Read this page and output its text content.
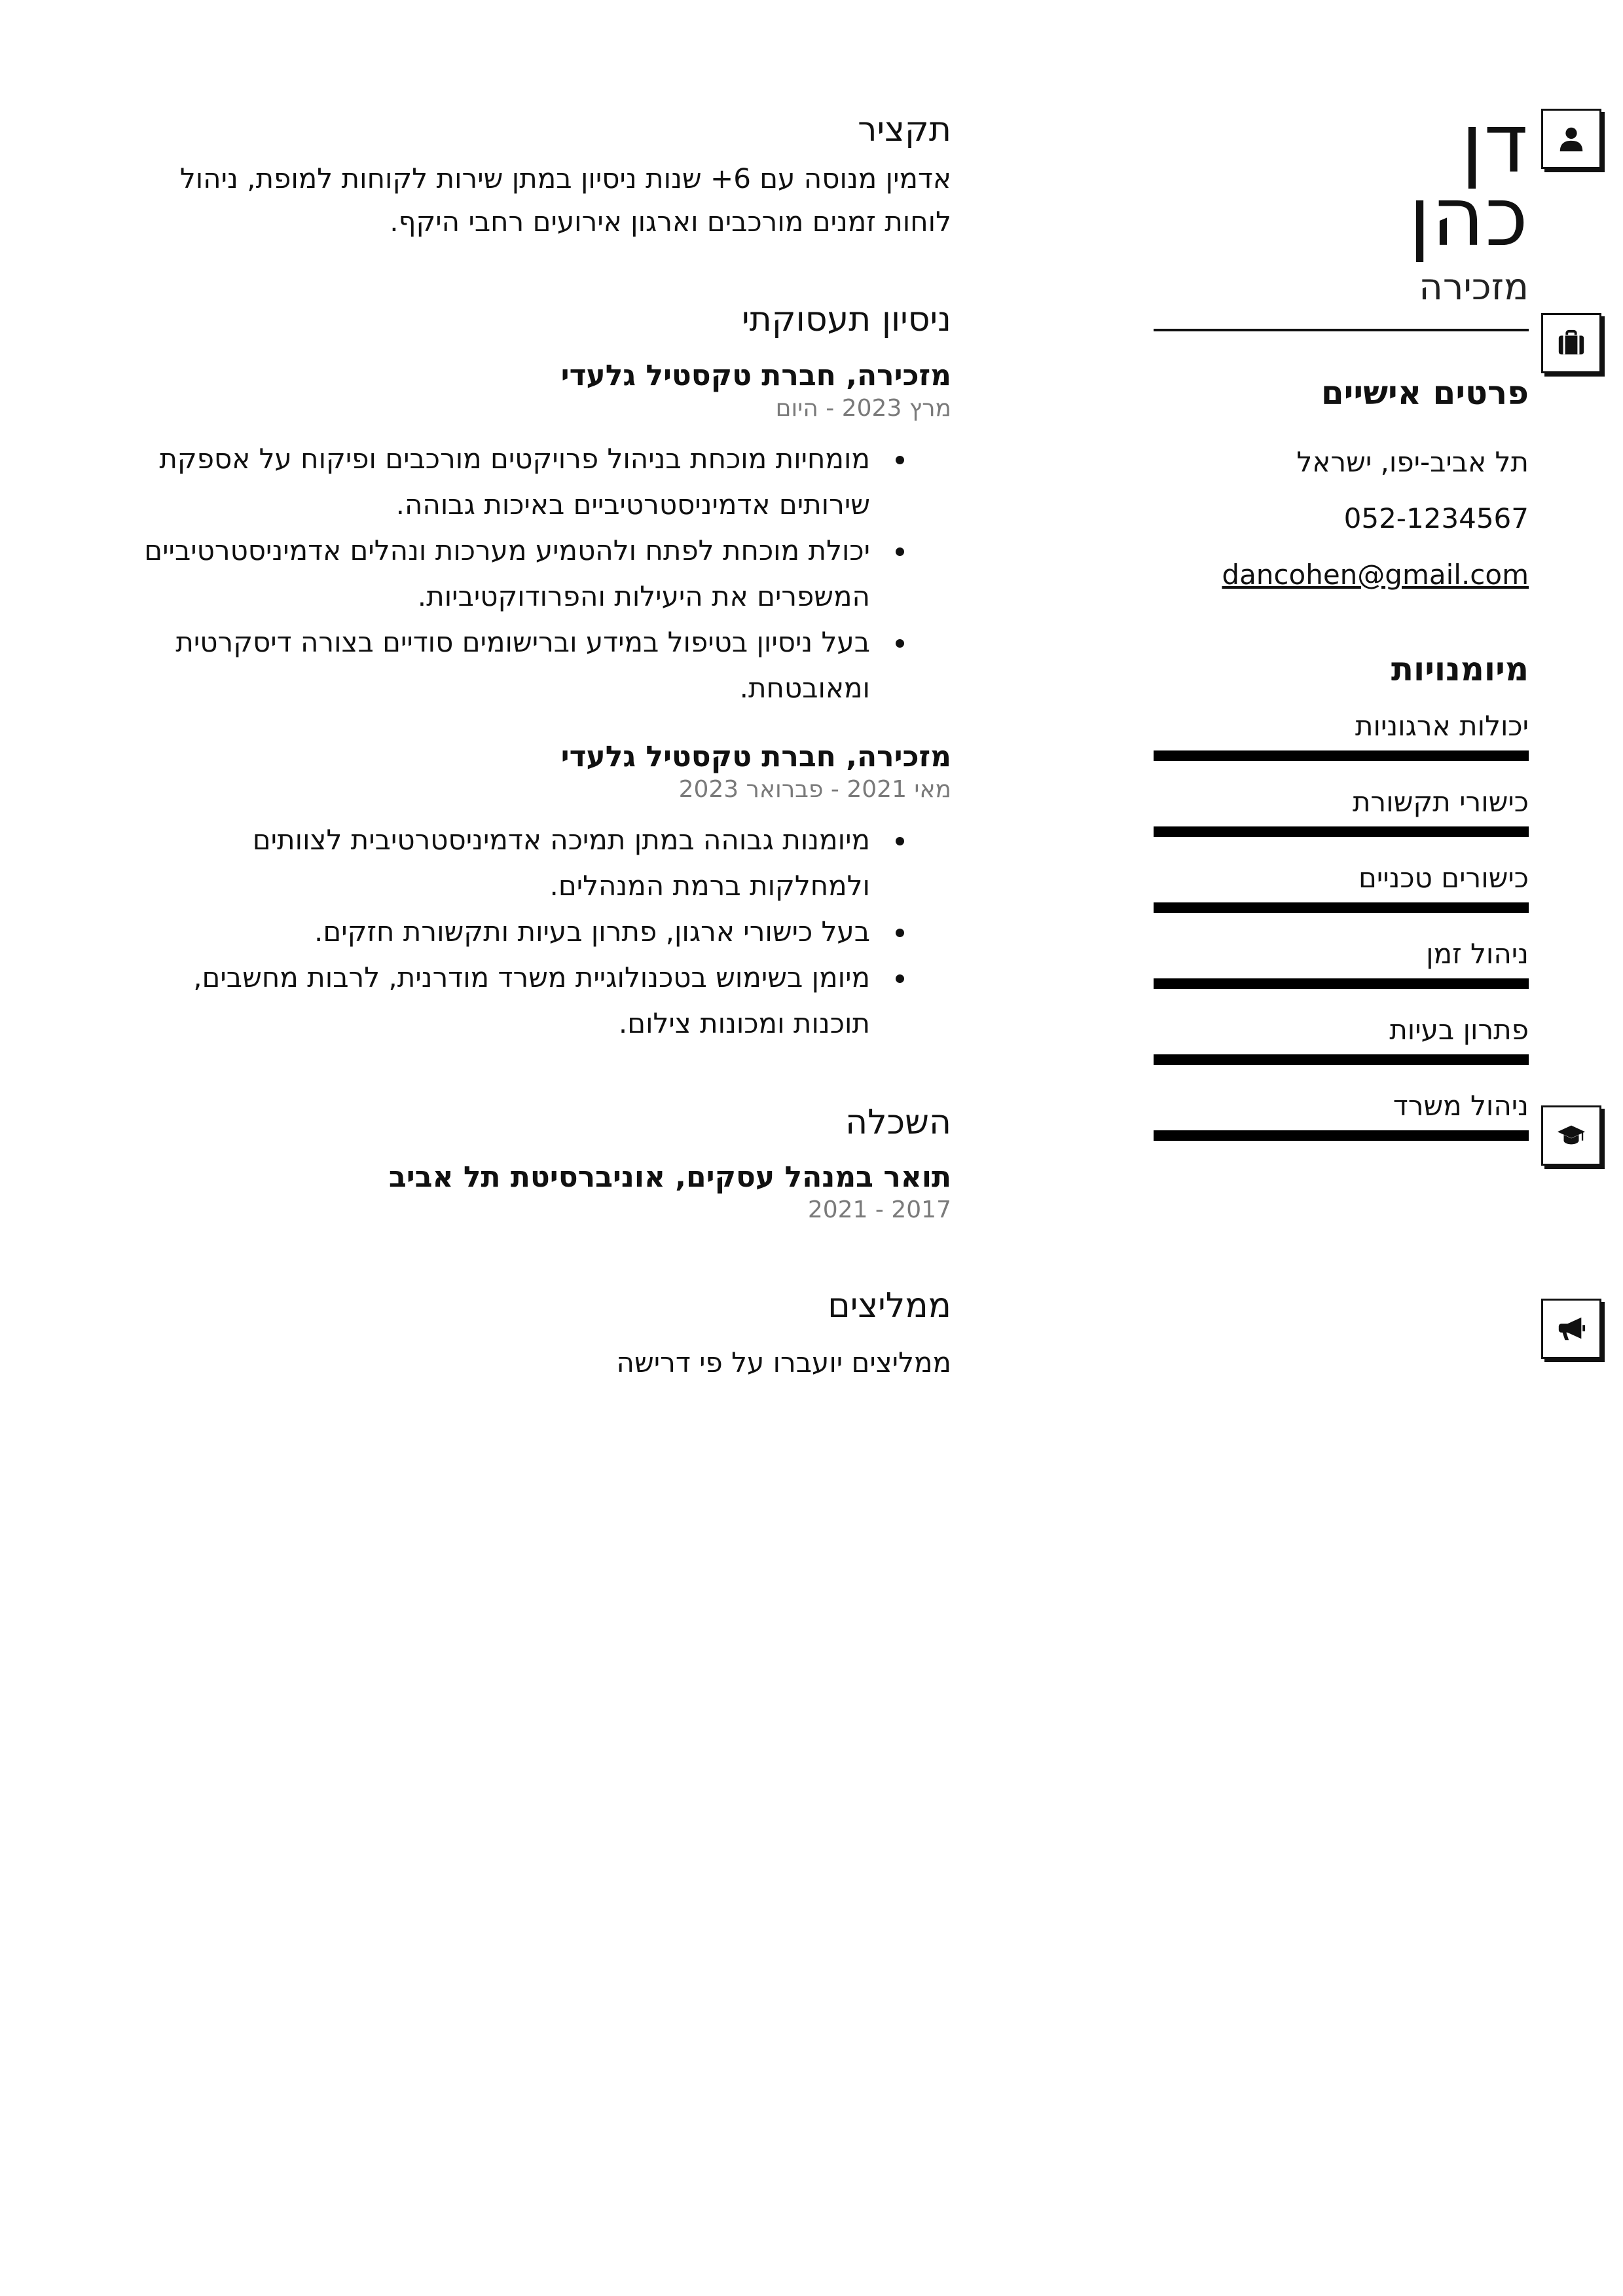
דן
כהן
מזכירה
פרטים אישיים
תל אביב-יפו, ישראל
052-1234567
dancohen@gmail.com
מיומנויות
יכולות ארגוניות
כישורי תקשורת
כישורים טכניים
ניהול זמן
פתרון בעיות
ניהול משרד
תקציר
אדמין מנוסה עם 6+ שנות ניסיון במתן שירות לקוחות למופת, ניהול לוחות זמנים מורכבים וארגון אירועים רחבי היקף.
ניסיון תעסוקתי
מזכירה, חברת טקסטיל גלעדי
מרץ 2023 - היום
מומחיות מוכחת בניהול פרויקטים מורכבים ופיקוח על אספקת שירותים אדמיניסטרטיביים באיכות גבוהה.
יכולת מוכחת לפתח ולהטמיע מערכות ונהלים אדמיניסטרטיביים המשפרים את היעילות והפרודוקטיביות.
בעל ניסיון בטיפול במידע וברישומים סודיים בצורה דיסקרטית ומאובטחת.
מזכירה, חברת טקסטיל גלעדי
מאי 2021 - פברואר 2023
מיומנות גבוהה במתן תמיכה אדמיניסטרטיבית לצוותים ולמחלקות ברמת המנהלים.
בעל כישורי ארגון, פתרון בעיות ותקשורת חזקים.
מיומן בשימוש בטכנולוגיית משרד מודרנית, לרבות מחשבים, תוכנות ומכונות צילום.
השכלה
תואר במנהל עסקים, אוניברסיטת תל אביב
2017 - 2021
ממליצים
ממליצים יועברו על פי דרישה
